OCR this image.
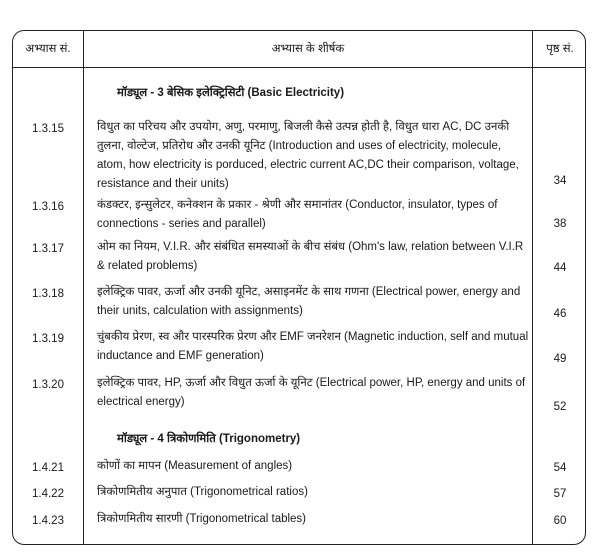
अभ्यास सं.	अभ्यास के शीर्षक	पृष्ठ सं.
मॉड्यूल - 3 बेसिक इलेक्ट्रिसिटी (Basic Electricity)
1.3.15	विधुत का परिचय और उपयोग, अणु, परमाणु, बिजली कैसे उत्पन्न होती है, विधुत धारा AC, DC उनकी तुलना, वोल्टेज, प्रतिरोध और उनकी यूनिट (Introduction and uses of electricity, molecule, atom, how electricity is porduced, electric current AC,DC their comparison, voltage, resistance and their units)	34
1.3.16	कंडक्टर, इन्सुलेटर, कनेक्शन के प्रकार - श्रेणी और समानांतर (Conductor, insulator, types of connections - series and parallel)	38
1.3.17	ओम का नियम, V.I.R. और संबंधित समस्याओं के बीच संबंध (Ohm's law, relation between V.I.R & related problems)	44
1.3.18	इलेक्ट्रिक पावर, ऊर्जा और उनकी यूनिट, असाइनमेंट के साथ गणना (Electrical power, energy and their units, calculation with assignments)	46
1.3.19	चुंबकीय प्रेरण, स्व और पारस्परिक प्रेरण और EMF जनरेशन (Magnetic induction, self and mutual inductance and EMF generation)	49
1.3.20	इलेक्ट्रिक पावर, HP, ऊर्जा और विधुत ऊर्जा के यूनिट (Electrical power, HP, energy and units of electrical energy)	52
मॉड्यूल - 4 त्रिकोणमिति (Trigonometry)
1.4.21	कोणों का मापन (Measurement of angles)	54
1.4.22	त्रिकोणमितीय अनुपात (Trigonometrical ratios)	57
1.4.23	त्रिकोणमितीय सारणी (Trigonometrical tables)	60
